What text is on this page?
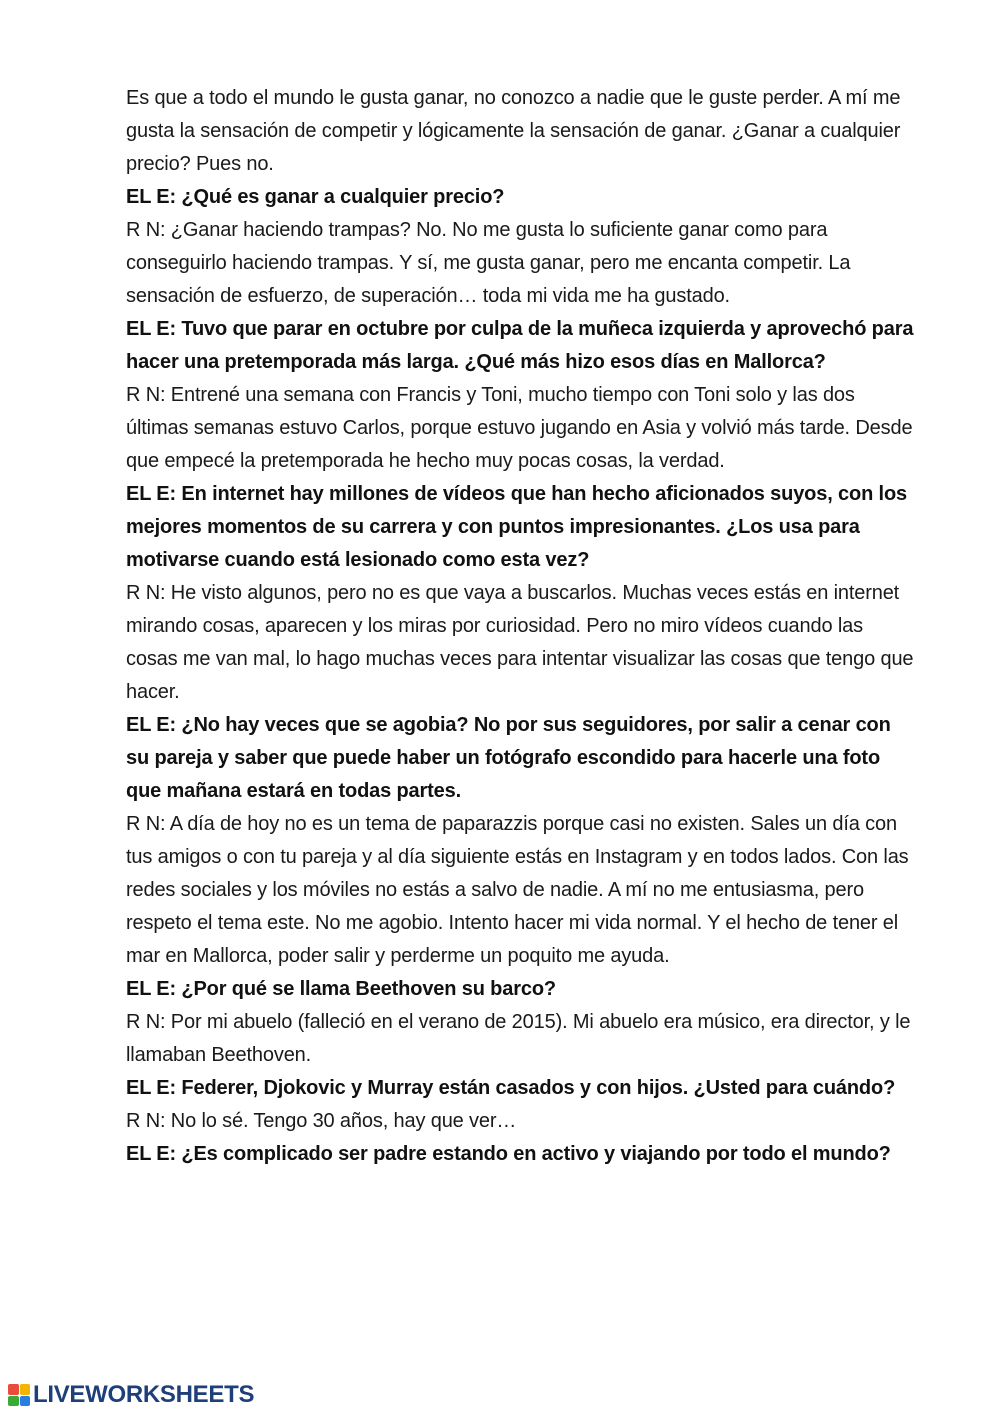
Es que a todo el mundo le gusta ganar, no conozco a nadie que le guste perder. A mí me gusta la sensación de competir y lógicamente la sensación de ganar. ¿Ganar a cualquier precio? Pues no.

EL E: ¿Qué es ganar a cualquier precio?

R N: ¿Ganar haciendo trampas? No. No me gusta lo suficiente ganar como para conseguirlo haciendo trampas. Y sí, me gusta ganar, pero me encanta competir. La sensación de esfuerzo, de superación… toda mi vida me ha gustado.

EL E: Tuvo que parar en octubre por culpa de la muñeca izquierda y aprovechó para hacer una pretemporada más larga. ¿Qué más hizo esos días en Mallorca?

R N: Entrené una semana con Francis y Toni, mucho tiempo con Toni solo y las dos últimas semanas estuvo Carlos, porque estuvo jugando en Asia y volvió más tarde. Desde que empecé la pretemporada he hecho muy pocas cosas, la verdad.

EL E: En internet hay millones de vídeos que han hecho aficionados suyos, con los mejores momentos de su carrera y con puntos impresionantes. ¿Los usa para motivarse cuando está lesionado como esta vez?

R N: He visto algunos, pero no es que vaya a buscarlos. Muchas veces estás en internet mirando cosas, aparecen y los miras por curiosidad. Pero no miro vídeos cuando las cosas me van mal, lo hago muchas veces para intentar visualizar las cosas que tengo que hacer.

EL E: ¿No hay veces que se agobia? No por sus seguidores, por salir a cenar con su pareja y saber que puede haber un fotógrafo escondido para hacerle una foto que mañana estará en todas partes.

R N: A día de hoy no es un tema de paparazzis porque casi no existen. Sales un día con tus amigos o con tu pareja y al día siguiente estás en Instagram y en todos lados. Con las redes sociales y los móviles no estás a salvo de nadie. A mí no me entusiasma, pero respeto el tema este. No me agobio. Intento hacer mi vida normal. Y el hecho de tener el mar en Mallorca, poder salir y perderme un poquito me ayuda.

EL E: ¿Por qué se llama Beethoven su barco?

R N: Por mi abuelo (falleció en el verano de 2015). Mi abuelo era músico, era director, y le llamaban Beethoven.

EL E: Federer, Djokovic y Murray están casados y con hijos. ¿Usted para cuándo?

R N: No lo sé. Tengo 30 años, hay que ver…

EL E: ¿Es complicado ser padre estando en activo y viajando por todo el mundo?

LIVEWORKSHEETS
